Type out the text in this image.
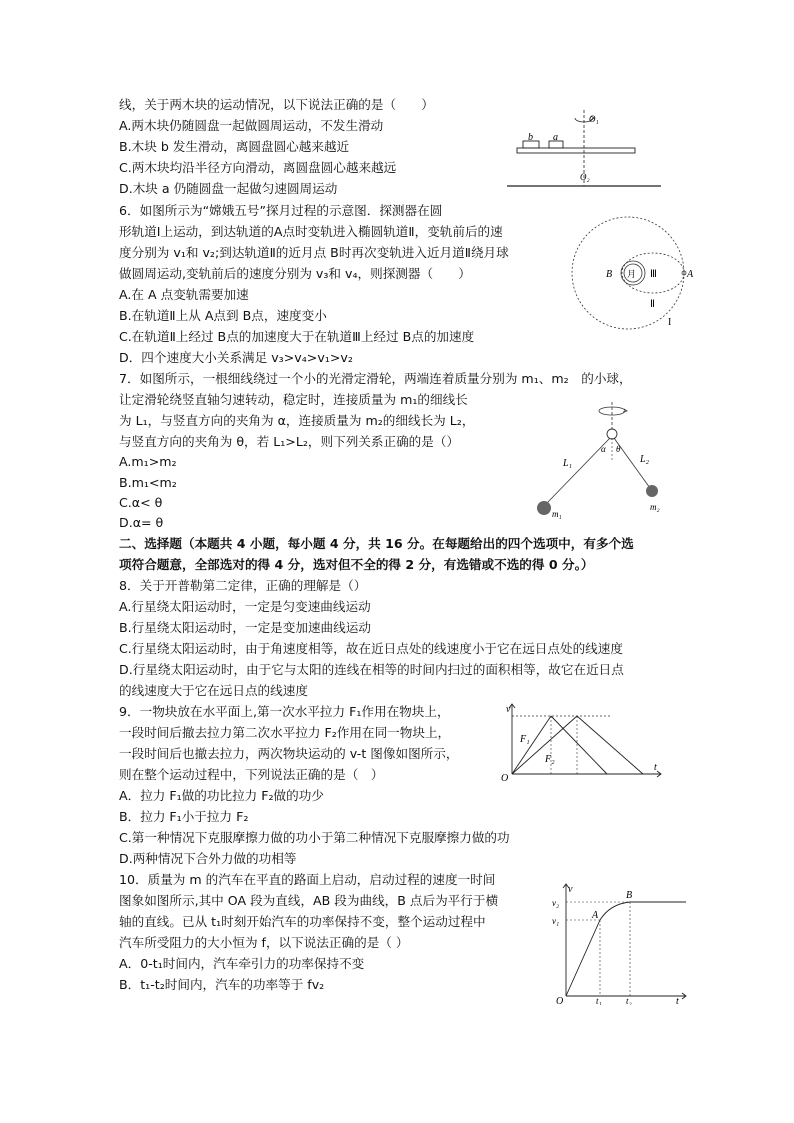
线，关于两木块的运动情况，以下说法正确的是（　　）
A.两木块仍随圆盘一起做圆周运动，不发生滑动
B.木块 b 发生滑动，离圆盘圆心越来越近
C.两木块均沿半径方向滑动，离圆盘圆心越来越远
D.木块 a 仍随圆盘一起做匀速圆周运动
6．如图所示为“嫦娥五号”探月过程的示意图．探测器在圆
形轨道Ⅰ上运动，到达轨道的A点时变轨进入椭圆轨道Ⅱ，变轨前后的速
度分别为 v₁和 v₂;到达轨道Ⅱ的近月点 B时再次变轨进入近月道Ⅱ绕月球
做圆周运动,变轨前后的速度分别为 v₃和 v₄，则探测器（　　）
A.在 A 点变轨需要加速
B.在轨道Ⅱ上从 A点到 B点，速度变小
C.在轨道Ⅱ上经过 B点的加速度大于在轨道Ⅲ上经过 B点的加速度
D．四个速度大小关系满足 v₃>v₄>v₁>v₂
7．如图所示，一根细线绕过一个小的光滑定滑轮，两端连着质量分别为 m₁、m₂　的小球，
让定滑轮绕竖直轴匀速转动，稳定时，连接质量为 m₁的细线长
为 L₁，与竖直方向的夹角为 α，连接质量为 m₂的细线长为 L₂，
与竖直方向的夹角为 θ，若 L₁>L₂，则下列关系正确的是（）
A.m₁>m₂
B.m₁<m₂
C.α< θ
D.α= θ
二、选择题（本题共 4 小题，每小题 4 分，共 16 分。在每题给出的四个选项中，有多个选
项符合题意，全部选对的得 4 分，选对但不全的得 2 分，有选错或不选的得 0 分。）
8．关于开普勒第二定律，正确的理解是（）
A.行星绕太阳运动时，一定是匀变速曲线运动
B.行星绕太阳运动时，一定是变加速曲线运动
C.行星绕太阳运动时，由于角速度相等，故在近日点处的线速度小于它在远日点处的线速度
D.行星绕太阳运动时，由于它与太阳的连线在相等的时间内扫过的面积相等，故它在近日点
的线速度大于它在远日点的线速度
9．一物块放在水平面上,第一次水平拉力 F₁作用在物块上，
一段时间后撤去拉力第二次水平拉力 F₂作用在同一物块上，
一段时间后也撤去拉力，两次物块运动的 v-t 图像如图所示，
则在整个运动过程中，下列说法正确的是（　）
A．拉力 F₁做的功比拉力 F₂做的功少
B．拉力 F₁小于拉力 F₂
C.第一种情况下克服摩擦力做的功小于第二种情况下克服摩擦力做的功
D.两种情况下合外力做的功相等
10．质量为 m 的汽车在平直的路面上启动，启动过程的速度一时间
图象如图所示,其中 OA 段为直线，AB 段为曲线，B 点后为平行于横
轴的直线。已从 t₁时刻开始汽车的功率保持不变，整个运动过程中
汽车所受阻力的大小恒为 f，以下说法正确的是（ ）
A．0-t₁时间内，汽车牵引力的功率保持不变
B．t₁-t₂时间内，汽车的功率等于 fv₂
O₁
b a
O₂
B 月 Ⅲ	A
Ⅱ
I
α θ
L₁	L₂
m₁
m₂
v
F₁
F₂
O
t
v
v₂
v₁
B
A
O	t₁	t₂	t
